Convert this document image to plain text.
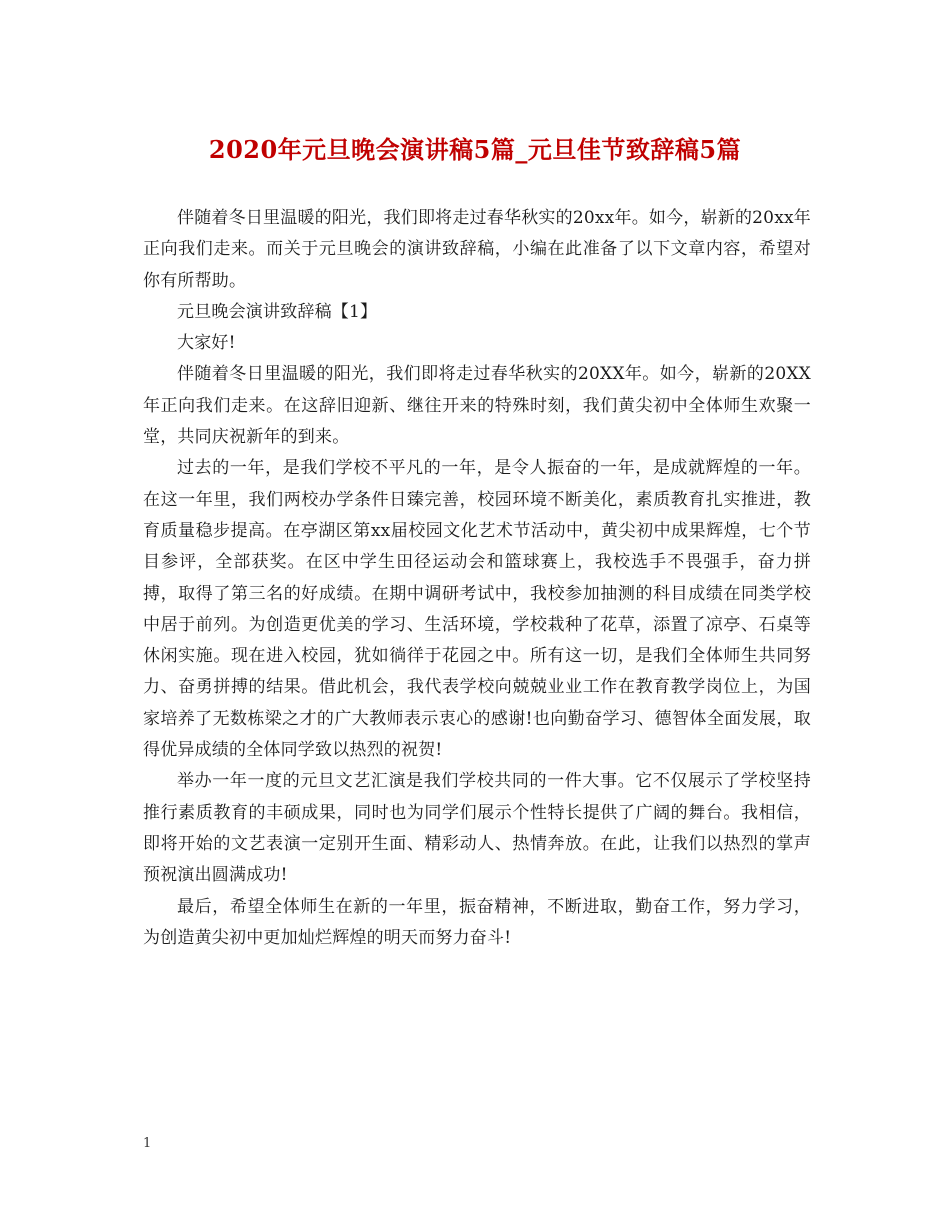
2020年元旦晚会演讲稿5篇_元旦佳节致辞稿5篇

伴随着冬日里温暖的阳光，我们即将走过春华秋实的20xx年。如今，崭新的20xx年正向我们走来。而关于元旦晚会的演讲致辞稿，小编在此准备了以下文章内容，希望对你有所帮助。

元旦晚会演讲致辞稿【1】

大家好!

伴随着冬日里温暖的阳光，我们即将走过春华秋实的20XX年。如今，崭新的20XX年正向我们走来。在这辞旧迎新、继往开来的特殊时刻，我们黄尖初中全体师生欢聚一堂，共同庆祝新年的到来。

过去的一年，是我们学校不平凡的一年，是令人振奋的一年，是成就辉煌的一年。在这一年里，我们两校办学条件日臻完善，校园环境不断美化，素质教育扎实推进，教育质量稳步提高。在亭湖区第xx届校园文化艺术节活动中，黄尖初中成果辉煌，七个节目参评，全部获奖。在区中学生田径运动会和篮球赛上，我校选手不畏强手，奋力拼搏，取得了第三名的好成绩。在期中调研考试中，我校参加抽测的科目成绩在同类学校中居于前列。为创造更优美的学习、生活环境，学校栽种了花草，添置了凉亭、石桌等休闲实施。现在进入校园，犹如徜徉于花园之中。所有这一切，是我们全体师生共同努力、奋勇拼搏的结果。借此机会，我代表学校向兢兢业业工作在教育教学岗位上，为国家培养了无数栋梁之才的广大教师表示衷心的感谢!也向勤奋学习、德智体全面发展，取得优异成绩的全体同学致以热烈的祝贺!

举办一年一度的元旦文艺汇演是我们学校共同的一件大事。它不仅展示了学校坚持推行素质教育的丰硕成果，同时也为同学们展示个性特长提供了广阔的舞台。我相信，即将开始的文艺表演一定别开生面、精彩动人、热情奔放。在此，让我们以热烈的掌声预祝演出圆满成功!

最后，希望全体师生在新的一年里，振奋精神，不断进取，勤奋工作，努力学习，为创造黄尖初中更加灿烂辉煌的明天而努力奋斗!

1
